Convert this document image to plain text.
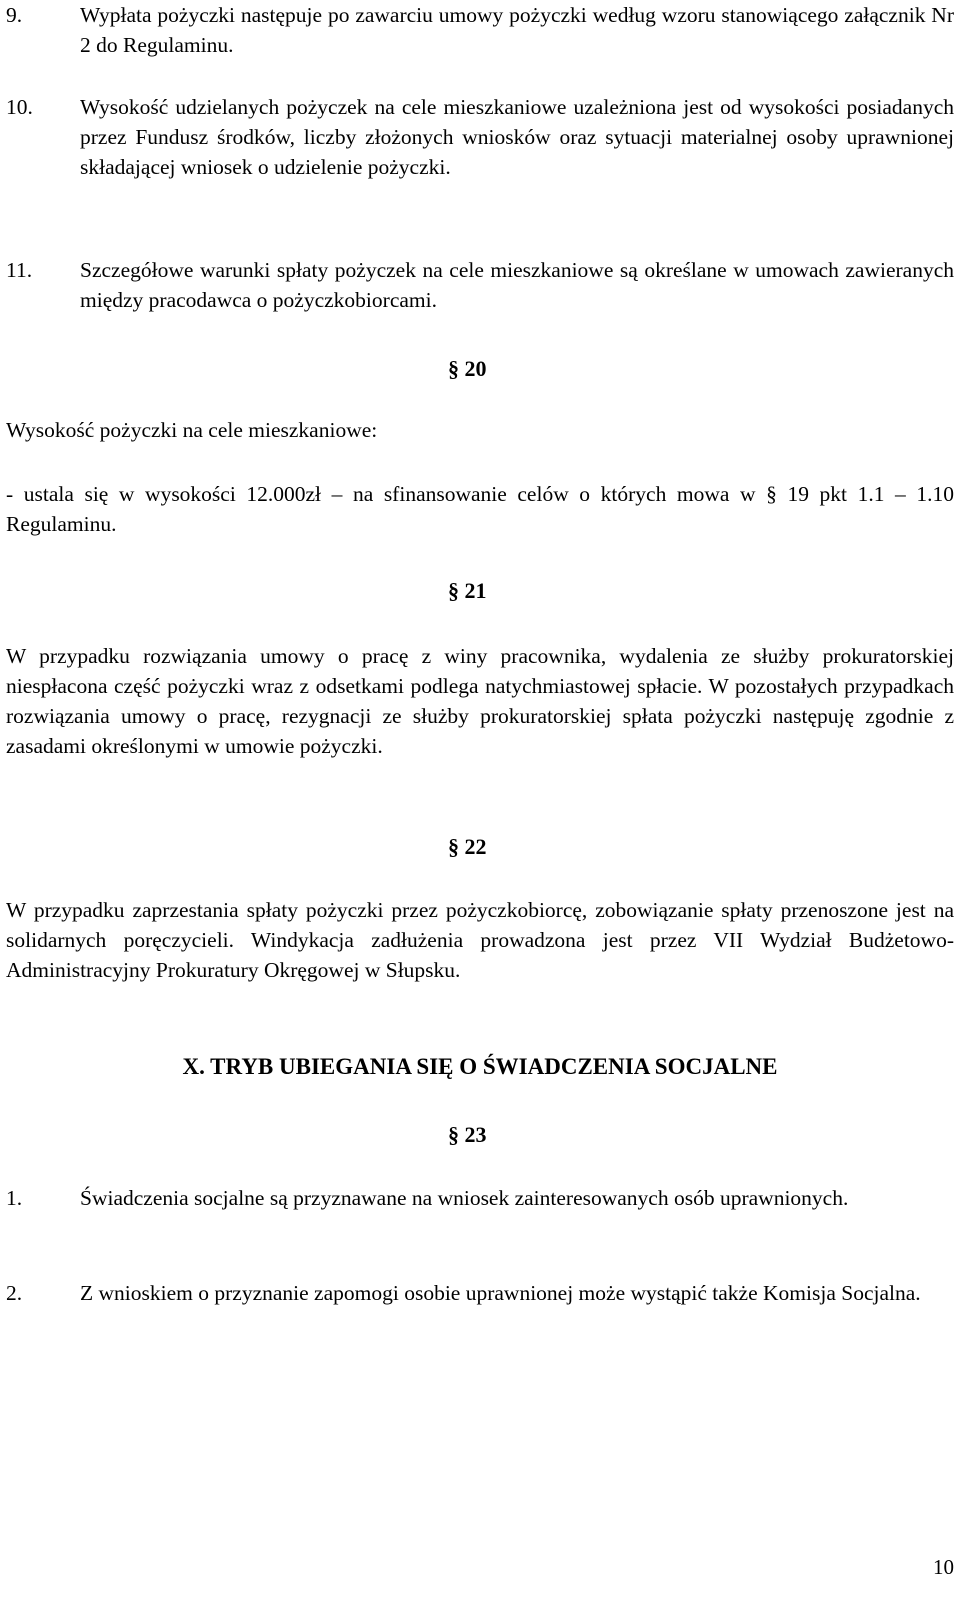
9.	Wypłata pożyczki następuje po zawarciu umowy pożyczki według wzoru stanowiącego załącznik Nr 2 do Regulaminu.
10. Wysokość udzielanych pożyczek na cele mieszkaniowe uzależniona jest od wysokości posiadanych przez Fundusz środków, liczby złożonych wniosków oraz sytuacji materialnej osoby uprawnionej składającej wniosek o udzielenie pożyczki.
11. Szczegółowe warunki spłaty pożyczek na cele mieszkaniowe są określane w umowach zawieranych między pracodawca o pożyczkobiorcami.
§ 20
Wysokość pożyczki na cele mieszkaniowe:
- ustala się w wysokości 12.000zł – na sfinansowanie celów o których mowa w § 19 pkt 1.1 – 1.10 Regulaminu.
§ 21
W przypadku rozwiązania umowy o pracę z winy pracownika, wydalenia ze służby prokuratorskiej niespłacona część pożyczki wraz z odsetkami podlega natychmiastowej spłacie. W pozostałych przypadkach rozwiązania umowy o pracę, rezygnacji ze służby prokuratorskiej spłata pożyczki następuję zgodnie z zasadami określonymi w umowie pożyczki.
§ 22
W przypadku zaprzestania spłaty pożyczki przez pożyczkobiorcę, zobowiązanie spłaty przenoszone jest na solidarnych poręczycieli. Windykacja zadłużenia prowadzona jest przez VII Wydział Budżetowo-Administracyjny Prokuratury Okręgowej w Słupsku.
X. TRYB UBIEGANIA SIĘ O ŚWIADCZENIA SOCJALNE
§ 23
1.	Świadczenia socjalne są przyznawane na wniosek zainteresowanych osób uprawnionych.
2.	Z wnioskiem o przyznanie zapomogi osobie uprawnionej może wystąpić także Komisja Socjalna.
10
